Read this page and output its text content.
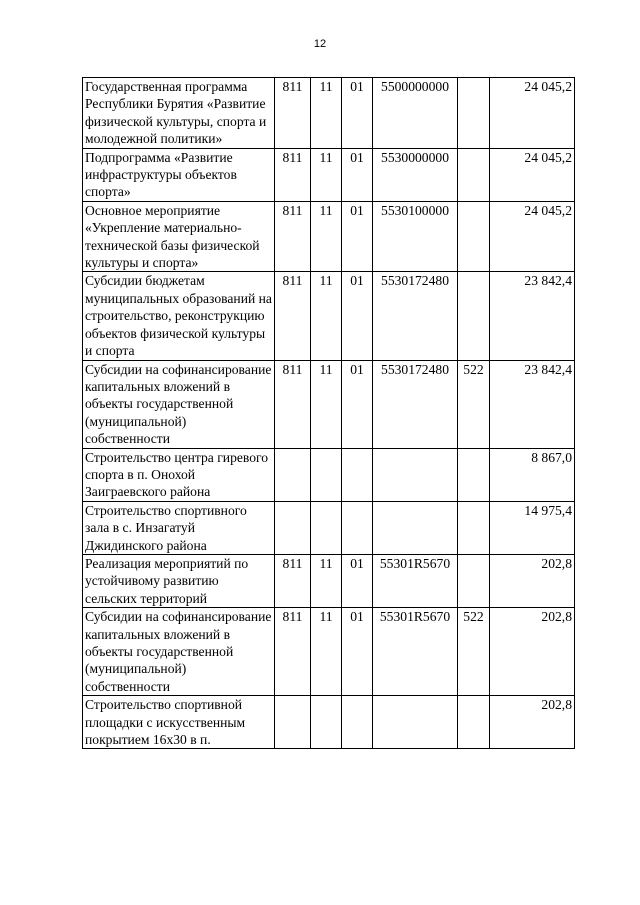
12
Государственная программа Республики Бурятия «Развитие физической культуры, спорта и молодежной политики»	811	11	01	5500000000		24 045,2
Подпрограмма «Развитие инфраструктуры объектов спорта»	811	11	01	5530000000		24 045,2
Основное мероприятие «Укрепление материально-технической базы физической культуры и спорта»	811	11	01	5530100000		24 045,2
Субсидии бюджетам муниципальных образований на строительство, реконструкцию объектов физической культуры и спорта	811	11	01	5530172480		23 842,4
Субсидии на софинансирование капитальных вложений в объекты государственной (муниципальной) собственности	811	11	01	5530172480	522	23 842,4
Строительство центра гиревого спорта в п. Онохой Заиграевского района						8 867,0
Строительство спортивного зала в с. Инзагатуй Джидинского района						14 975,4
Реализация мероприятий по устойчивому развитию сельских территорий	811	11	01	55301R5670		202,8
Субсидии на софинансирование капитальных вложений в объекты государственной (муниципальной) собственности	811	11	01	55301R5670	522	202,8
Строительство спортивной площадки с искусственным покрытием 16х30 в п.						202,8
